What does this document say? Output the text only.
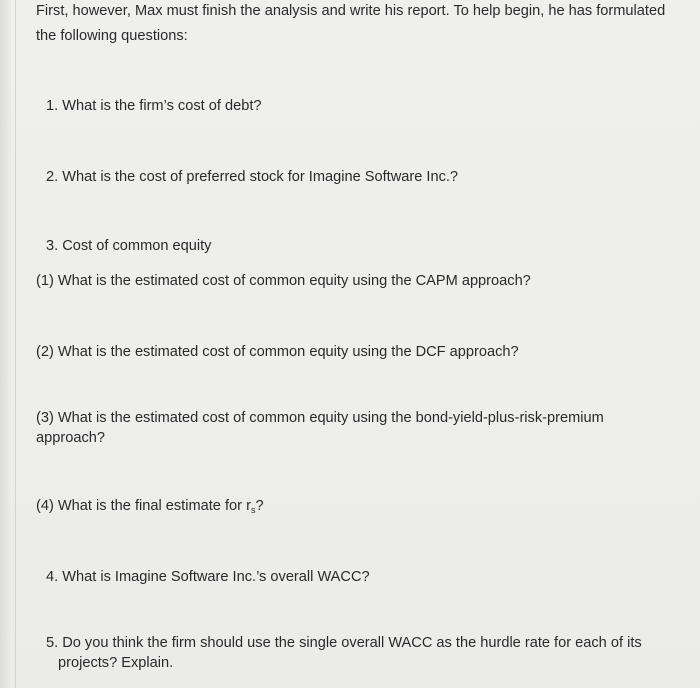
First, however, Max must finish the analysis and write his report. To help begin, he has formulated
the following questions:
1. What is the firm’s cost of debt?
2. What is the cost of preferred stock for Imagine Software Inc.?
3. Cost of common equity
(1) What is the estimated cost of common equity using the CAPM approach?
(2) What is the estimated cost of common equity using the DCF approach?
(3) What is the estimated cost of common equity using the bond-yield-plus-risk-premium
approach?
(4) What is the final estimate for $r_s$?
4. What is Imagine Software Inc.’s overall WACC?
5. Do you think the firm should use the single overall WACC as the hurdle rate for each of its
projects? Explain.
